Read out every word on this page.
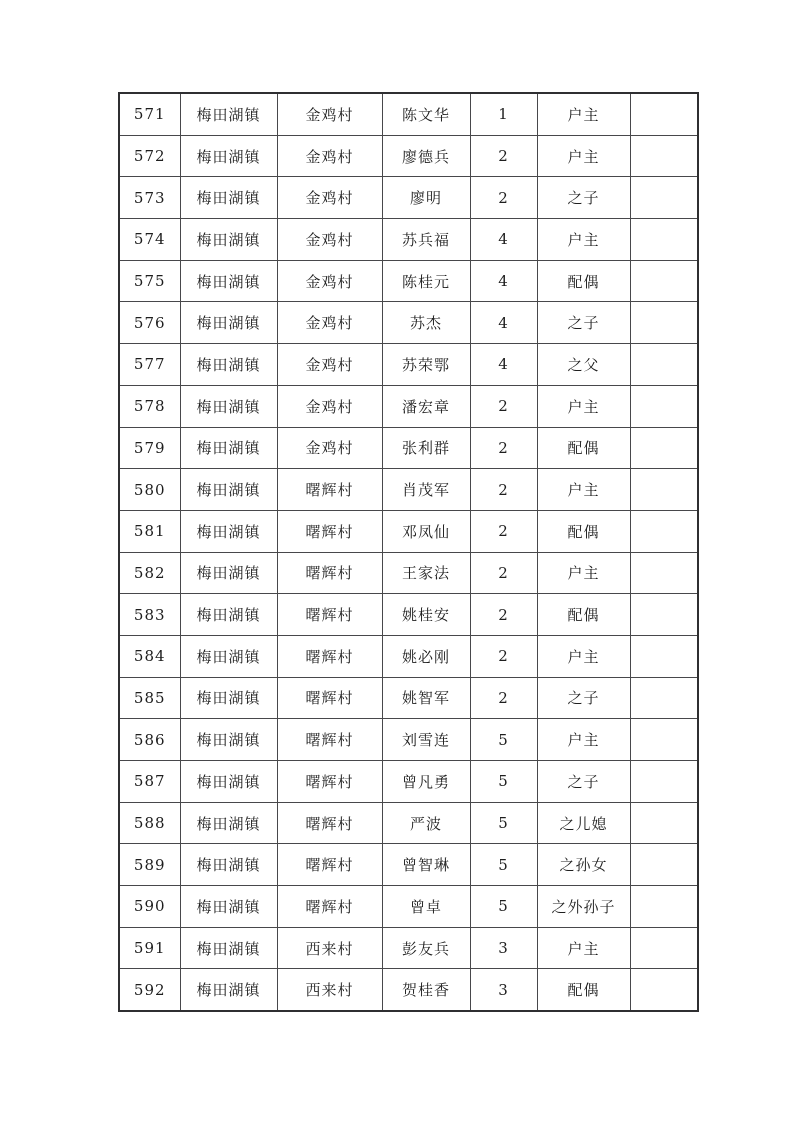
571	梅田湖镇	金鸡村	陈文华	1	户主	
572	梅田湖镇	金鸡村	廖德兵	2	户主	
573	梅田湖镇	金鸡村	廖明	2	之子	
574	梅田湖镇	金鸡村	苏兵福	4	户主	
575	梅田湖镇	金鸡村	陈桂元	4	配偶	
576	梅田湖镇	金鸡村	苏杰	4	之子	
577	梅田湖镇	金鸡村	苏荣鄂	4	之父	
578	梅田湖镇	金鸡村	潘宏章	2	户主	
579	梅田湖镇	金鸡村	张利群	2	配偶	
580	梅田湖镇	曙辉村	肖茂军	2	户主	
581	梅田湖镇	曙辉村	邓凤仙	2	配偶	
582	梅田湖镇	曙辉村	王家法	2	户主	
583	梅田湖镇	曙辉村	姚桂安	2	配偶	
584	梅田湖镇	曙辉村	姚必刚	2	户主	
585	梅田湖镇	曙辉村	姚智军	2	之子	
586	梅田湖镇	曙辉村	刘雪连	5	户主	
587	梅田湖镇	曙辉村	曾凡勇	5	之子	
588	梅田湖镇	曙辉村	严波	5	之儿媳	
589	梅田湖镇	曙辉村	曾智琳	5	之孙女	
590	梅田湖镇	曙辉村	曾卓	5	之外孙子	
591	梅田湖镇	西来村	彭友兵	3	户主	
592	梅田湖镇	西来村	贺桂香	3	配偶	
